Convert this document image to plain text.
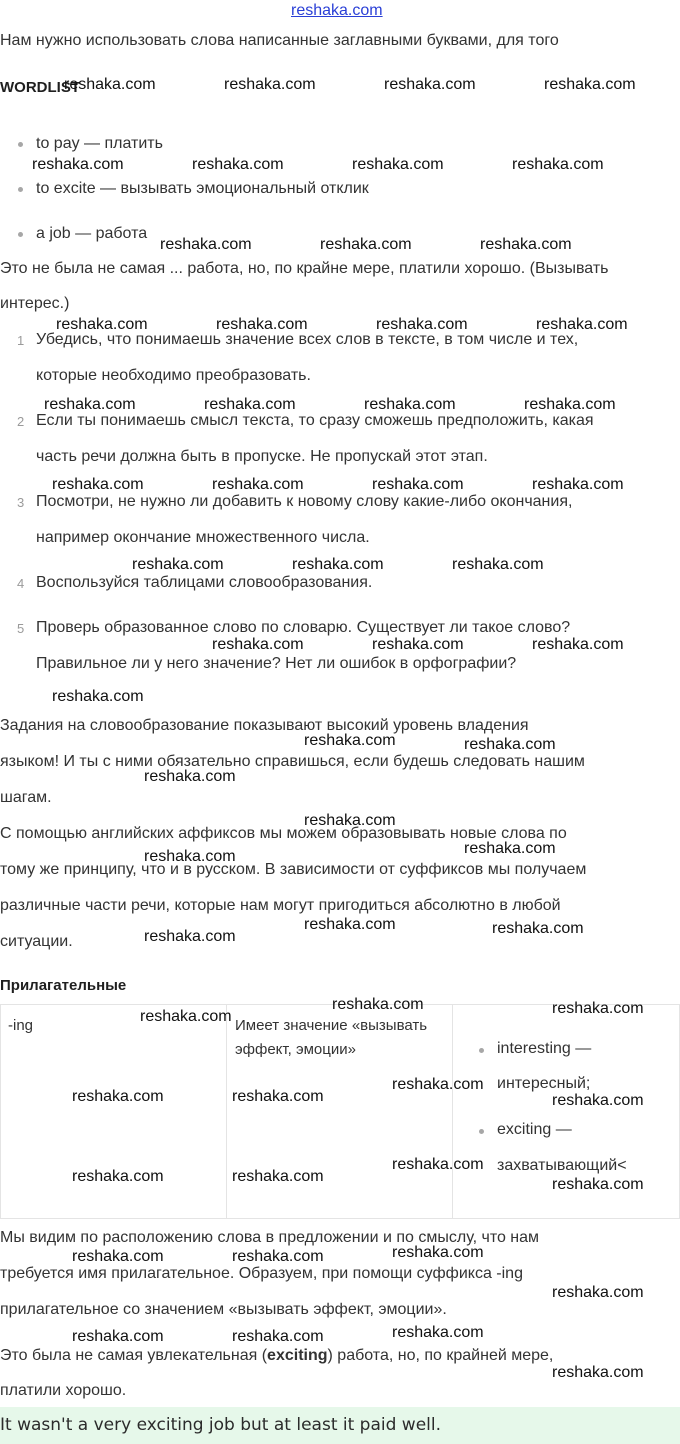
reshaka.com
Нам нужно использовать слова написанные заглавными буквами, для того
WORDLIST
to pay — платить
to excite — вызывать эмоциональный отклик
a job — работа
Это не была не самая ... работа, но, по крайне мере, платили хорошо. (Вызывать
интерес.)
1 Убедись, что понимаешь значение всех слов в тексте, в том числе и тех,
которые необходимо преобразовать.
2 Если ты понимаешь смысл текста, то сразу сможешь предположить, какая
часть речи должна быть в пропуске. Не пропускай этот этап.
3 Посмотри, не нужно ли добавить к новому слову какие-либо окончания,
например окончание множественного числа.
4 Воспользуйся таблицами словообразования.
5 Проверь образованное слово по словарю. Существует ли такое слово?
Правильное ли у него значение? Нет ли ошибок в орфографии?
Задания на словообразование показывают высокий уровень владения
языком! И ты с ними обязательно справишься, если будешь следовать нашим
шагам.
С помощью английских аффиксов мы можем образовывать новые слова по
тому же принципу, что и в русском. В зависимости от суффиксов мы получаем
различные части речи, которые нам могут пригодиться абсолютно в любой
ситуации.
Прилагательные
-ing	Имеет значение «вызывать
эффект, эмоции»	interesting —
интересный;
exciting —
захватывающий<
Мы видим по расположению слова в предложении и по смыслу, что нам
требуется имя прилагательное. Образуем, при помощи суффикса -ing
прилагательное со значением «вызывать эффект, эмоции».
Это была не самая увлекательная (exciting) работа, но, по крайней мере,
платили хорошо.
It wasn't a very exciting job but at least it paid well.
reshaka.com	reshaka.com	reshaka.com	reshaka.com
reshaka.com	reshaka.com	reshaka.com	reshaka.com
reshaka.com	reshaka.com	reshaka.com
reshaka.com	reshaka.com	reshaka.com	reshaka.com
reshaka.com	reshaka.com	reshaka.com	reshaka.com
reshaka.com	reshaka.com	reshaka.com	reshaka.com
reshaka.com	reshaka.com	reshaka.com
reshaka.com	reshaka.com	reshaka.com
reshaka.com
reshaka.com	reshaka.com
reshaka.com
reshaka.com
reshaka.com
reshaka.com
reshaka.com	reshaka.com
reshaka.com
reshaka.com	reshaka.com
reshaka.com
reshaka.com
reshaka.com	reshaka.com	reshaka.com
reshaka.com
reshaka.com	reshaka.com	reshaka.com
reshaka.com
reshaka.com	reshaka.com
reshaka.com
reshaka.com
reshaka.com	reshaka.com
reshaka.com
